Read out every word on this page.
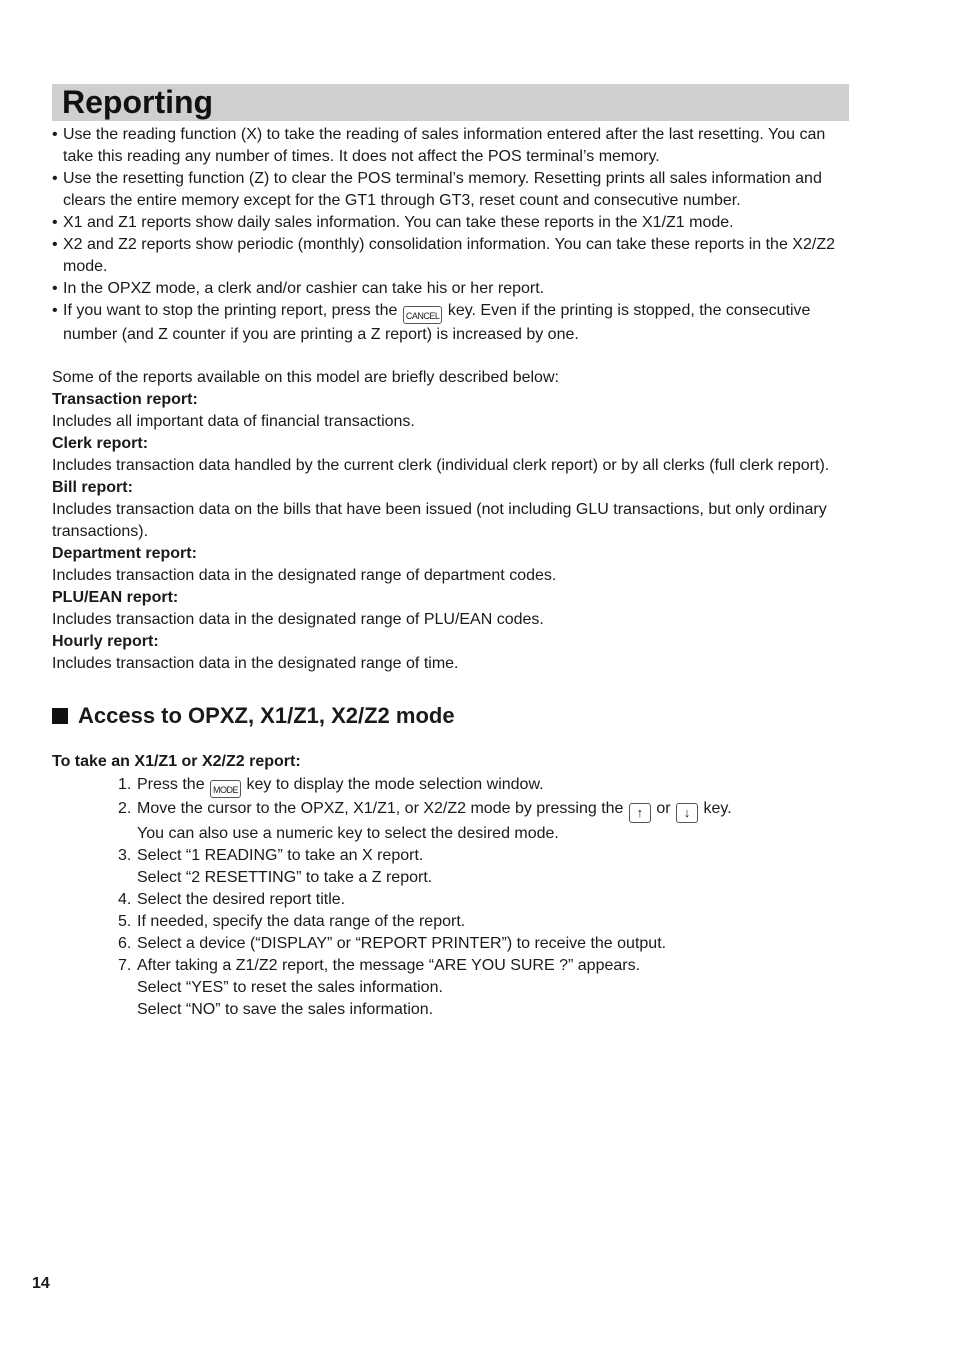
Reporting
• Use the reading function (X) to take the reading of sales information entered after the last resetting. You can take this reading any number of times. It does not affect the POS terminal’s memory.
• Use the resetting function (Z) to clear the POS terminal’s memory. Resetting prints all sales information and clears the entire memory except for the GT1 through GT3, reset count and consecutive number.
• X1 and Z1 reports show daily sales information. You can take these reports in the X1/Z1 mode.
• X2 and Z2 reports show periodic (monthly) consolidation information. You can take these reports in the X2/Z2 mode.
• In the OPXZ mode, a clerk and/or cashier can take his or her report.
• If you want to stop the printing report, press the CANCEL key. Even if the printing is stopped, the consecutive number (and Z counter if you are printing a Z report) is increased by one.

Some of the reports available on this model are briefly described below:

Transaction report:

Includes all important data of financial transactions.

Clerk report:

Includes transaction data handled by the current clerk (individual clerk report) or by all clerks (full clerk report).

Bill report:

Includes transaction data on the bills that have been issued (not including GLU transactions, but only ordinary transactions).

Department report:

Includes transaction data in the designated range of department codes.

PLU/EAN report:

Includes transaction data in the designated range of PLU/EAN codes.

Hourly report:

Includes transaction data in the designated range of time.

Access to OPXZ, X1/Z1, X2/Z2 mode

To take an X1/Z1 or X2/Z2 report:

1. Press the MODE key to display the mode selection window.
2. Move the cursor to the OPXZ, X1/Z1, or X2/Z2 mode by pressing the ↑ or ↓ key.
You can also use a numeric key to select the desired mode.
3. Select “1 READING” to take an X report.
Select “2 RESETTING” to take a Z report.
4. Select the desired report title.
5. If needed, specify the data range of the report.
6. Select a device (“DISPLAY” or “REPORT PRINTER”) to receive the output.
7. After taking a Z1/Z2 report, the message “ARE YOU SURE ?” appears.
Select “YES” to reset the sales information.
Select “NO” to save the sales information.

14
